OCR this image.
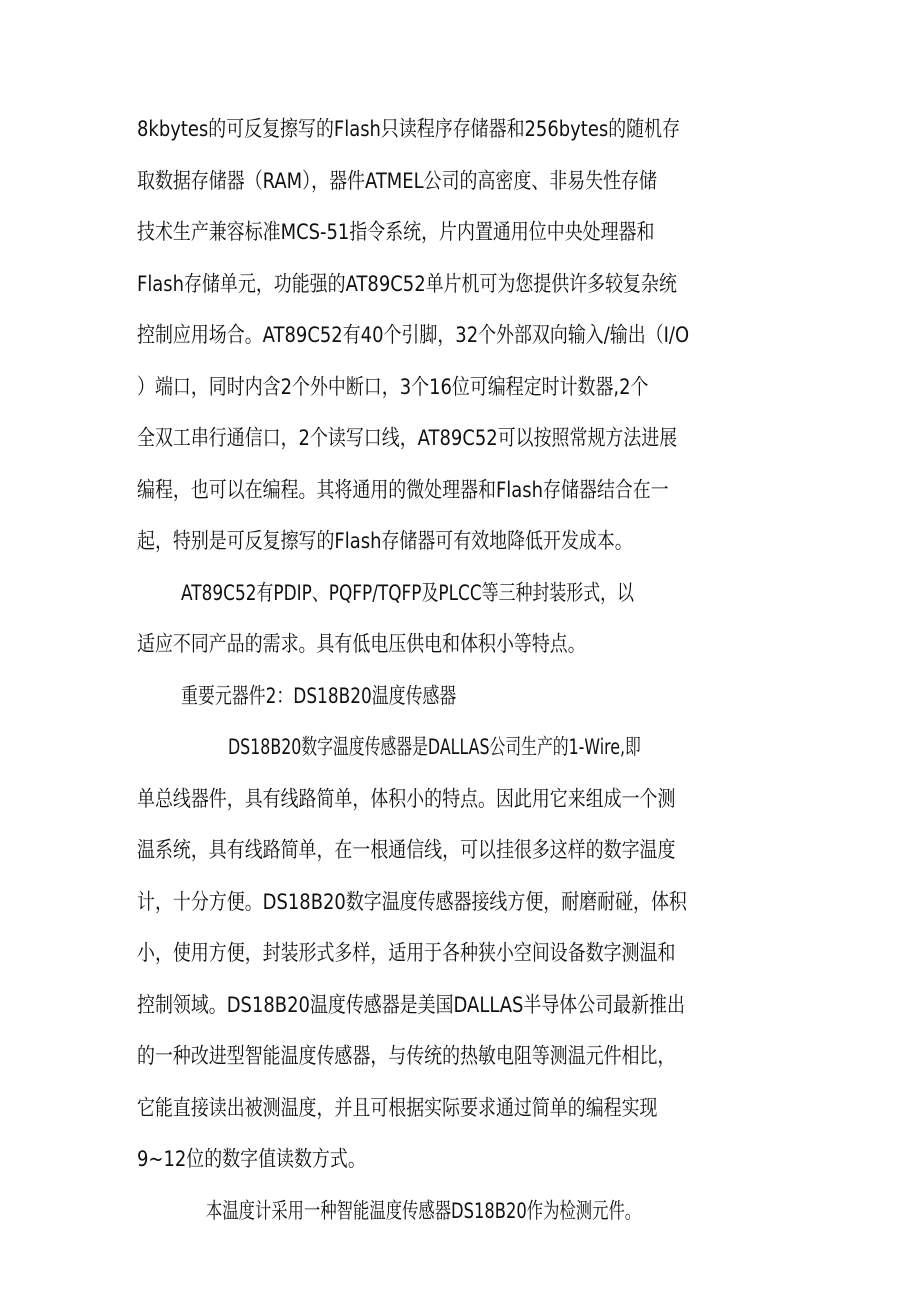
8kbytes的可反复擦写的Flash只读程序存储器和256bytes的随机存

取数据存储器（RAM），器件ATMEL公司的高密度、非易失性存储

技术生产兼容标准MCS-51指令系统，片内置通用位中央处理器和

Flash存储单元，功能强的AT89C52单片机可为您提供许多较复杂统

控制应用场合。AT89C52有40个引脚，32个外部双向输入/输出（I/O

）端口，同时内含2个外中断口，3个16位可编程定时计数器,2个

全双工串行通信口，2个读写口线，AT89C52可以按照常规方法进展

编程，也可以在编程。其将通用的微处理器和Flash存储器结合在一

起，特别是可反复擦写的Flash存储器可有效地降低开发成本。

AT89C52有PDIP、PQFP/TQFP及PLCC等三种封装形式，以

适应不同产品的需求。具有低电压供电和体积小等特点。

重要元器件2：DS18B20温度传感器

DS18B20数字温度传感器是DALLAS公司生产的1-Wire,即

单总线器件，具有线路简单，体积小的特点。因此用它来组成一个测

温系统，具有线路简单，在一根通信线，可以挂很多这样的数字温度

计，十分方便。DS18B20数字温度传感器接线方便，耐磨耐碰，体积

小，使用方便，封装形式多样，适用于各种狭小空间设备数字测温和

控制领域。DS18B20温度传感器是美国DALLAS半导体公司最新推出

的一种改进型智能温度传感器，与传统的热敏电阻等测温元件相比，

它能直接读出被测温度，并且可根据实际要求通过简单的编程实现

9~12位的数字值读数方式。

本温度计采用一种智能温度传感器DS18B20作为检测元件。
